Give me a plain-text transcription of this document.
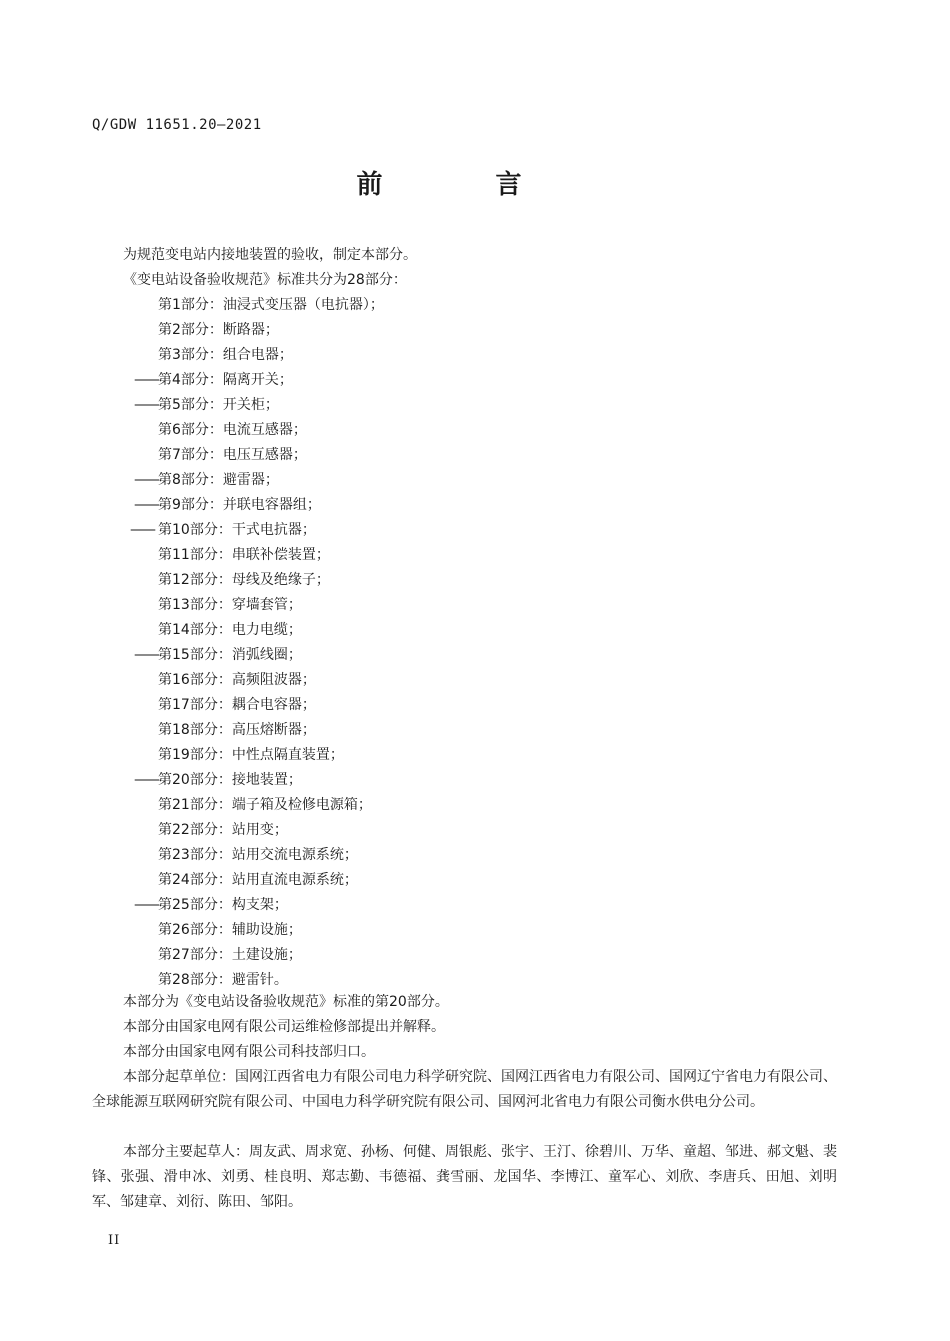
Q/GDW 11651.20—2021
前 言
为规范变电站内接地装置的验收，制定本部分。
《变电站设备验收规范》标准共分为28部分：
第1部分：油浸式变压器（电抗器）；
第2部分：断路器；
第3部分：组合电器；
—— 第4部分：隔离开关；
—— 第5部分：开关柜；
第6部分：电流互感器；
第7部分：电压互感器；
—— 第8部分：避雷器；
—— 第9部分：并联电容器组；
—— 第10部分：干式电抗器；
第11部分：串联补偿装置；
第12部分：母线及绝缘子；
第13部分：穿墙套管；
第14部分：电力电缆；
—— 第15部分：消弧线圈；
第16部分：高频阻波器；
第17部分：耦合电容器；
第18部分：高压熔断器；
第19部分：中性点隔直装置；
—— 第20部分：接地装置；
第21部分：端子箱及检修电源箱；
第22部分：站用变；
第23部分：站用交流电源系统；
第24部分：站用直流电源系统；
—— 第25部分：构支架；
第26部分：辅助设施；
第27部分：土建设施；
第28部分：避雷针。
本部分为《变电站设备验收规范》标准的第20部分。
本部分由国家电网有限公司运维检修部提出并解释。
本部分由国家电网有限公司科技部归口。
本部分起草单位：国网江西省电力有限公司电力科学研究院、国网江西省电力有限公司、国网辽宁省电力有限公司、全球能源互联网研究院有限公司、中国电力科学研究院有限公司、国网河北省电力有限公司衡水供电分公司。
本部分主要起草人：周友武、周求宽、孙杨、何健、周银彪、张宇、王汀、徐碧川、万华、童超、邹进、郝文魁、裴锋、张强、滑申冰、刘勇、桂良明、郑志勤、韦德福、龚雪丽、龙国华、李博江、童军心、刘欣、李唐兵、田旭、刘明军、邹建章、刘衍、陈田、邹阳。
II
